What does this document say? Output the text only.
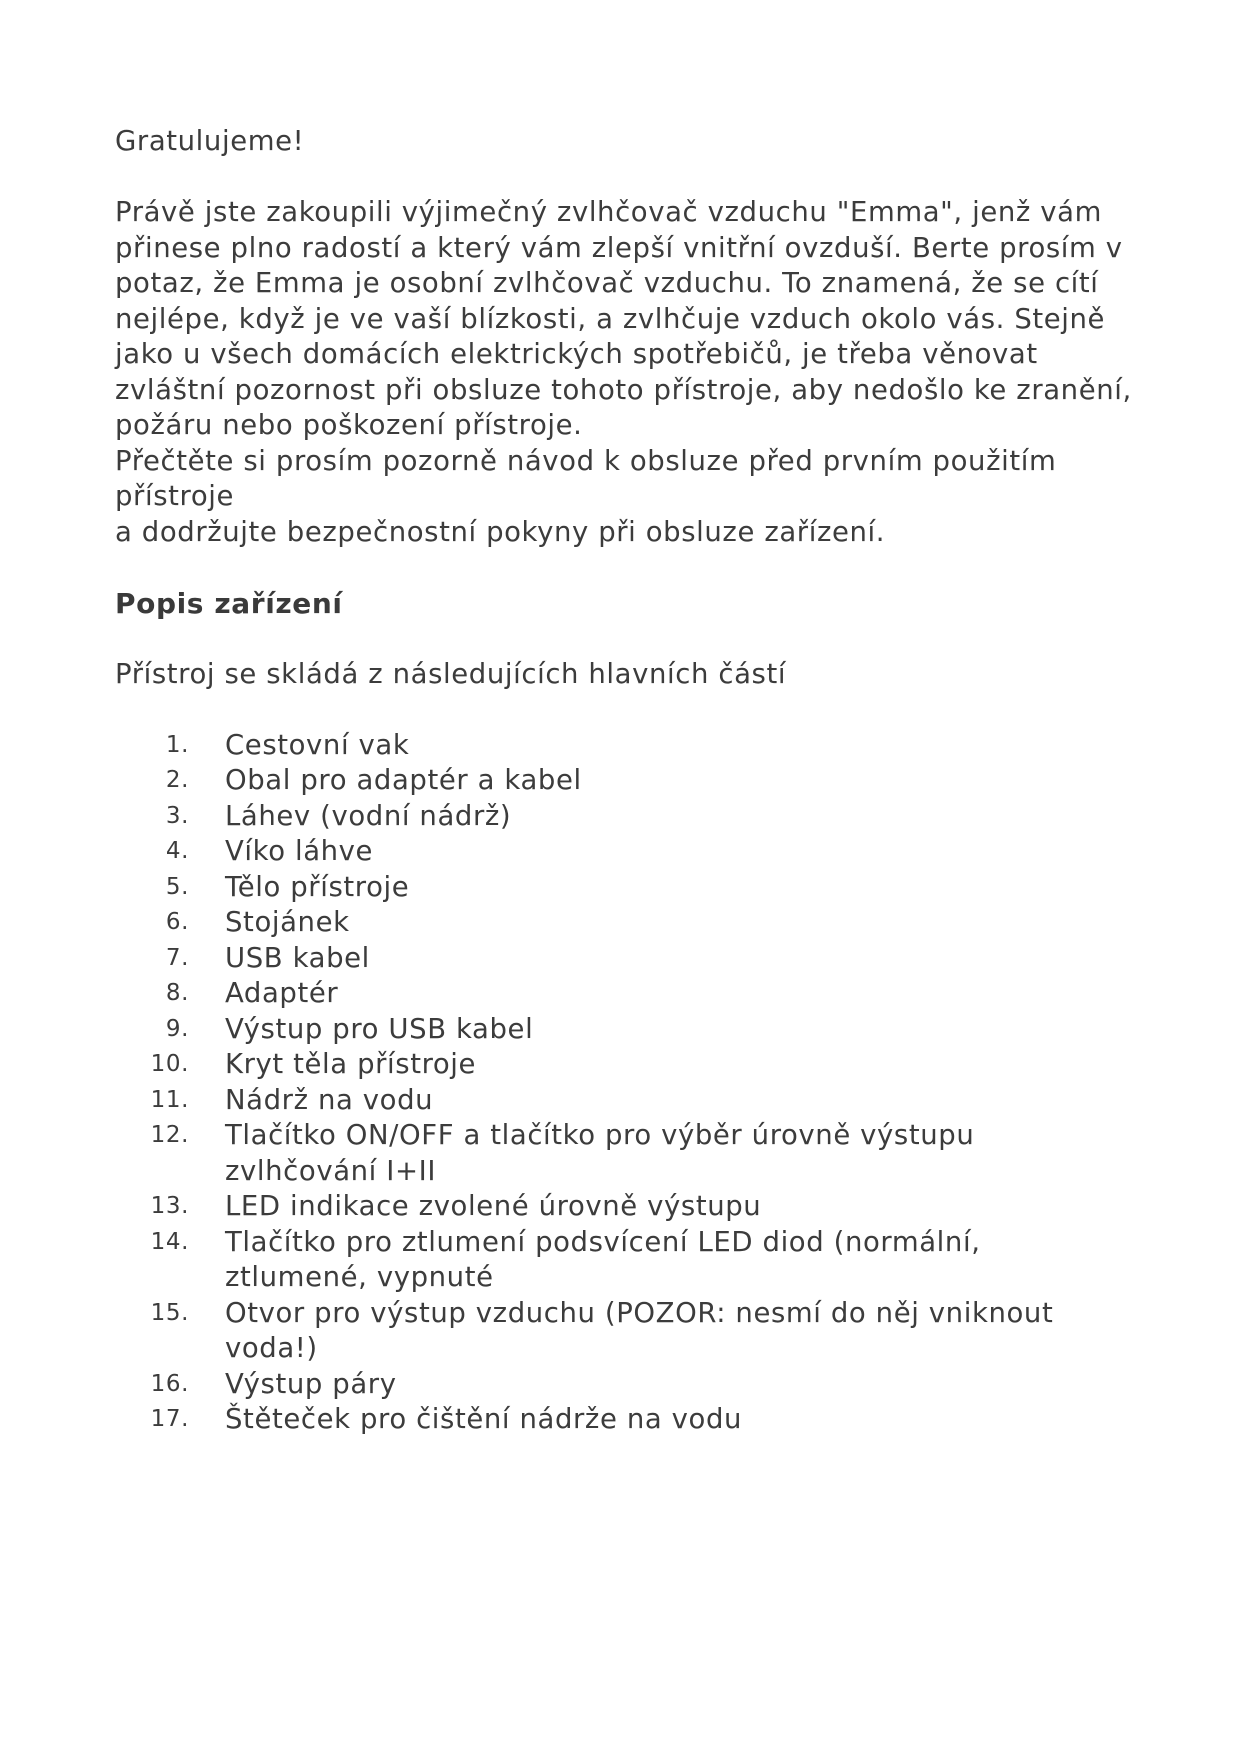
Gratulujeme!

Právě jste zakoupili výjimečný zvlhčovač vzduchu "Emma", jenž vám přinese plno radostí a který vám zlepší vnitřní ovzduší. Berte prosím v potaz, že Emma je osobní zvlhčovač vzduchu. To znamená, že se cítí nejlépe, když je ve vaší blízkosti, a zvlhčuje vzduch okolo vás. Stejně jako u všech domácích elektrických spotřebičů, je třeba věnovat zvláštní pozornost při obsluze tohoto přístroje, aby nedošlo ke zranění, požáru nebo poškození přístroje.

Přečtěte si prosím pozorně návod k obsluze před prvním použitím přístroje

a dodržujte bezpečnostní pokyny při obsluze zařízení.

Popis zařízení

Přístroj se skládá z následujících hlavních částí

1.	Cestovní vak
2.	Obal pro adaptér a kabel
3.	Láhev (vodní nádrž)
4.	Víko láhve
5.	Tělo přístroje
6.	Stojánek
7.	USB kabel
8.	Adaptér
9.	Výstup pro USB kabel
10.	Kryt těla přístroje
11.	Nádrž na vodu
12.	Tlačítko ON/OFF a tlačítko pro výběr úrovně výstupu zvlhčování I+II
13.	LED indikace zvolené úrovně výstupu
14.	Tlačítko pro ztlumení podsvícení LED diod (normální, ztlumené, vypnuté
15.	Otvor pro výstup vzduchu (POZOR: nesmí do něj vniknout voda!)
16.	Výstup páry
17.	Štěteček pro čištění nádrže na vodu
